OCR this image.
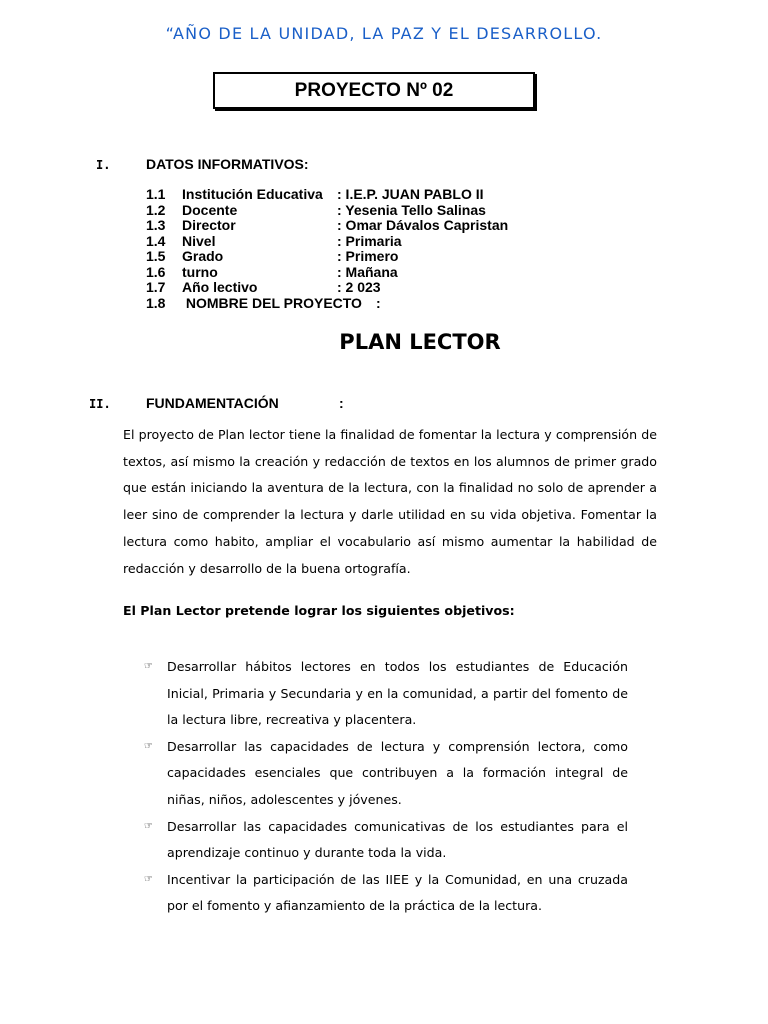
“AÑO DE LA UNIDAD, LA PAZ Y EL DESARROLLO.
PROYECTO Nº 02
I.	DATOS INFORMATIVOS:
1.1	Institución Educativa	: I.E.P. JUAN PABLO II
1.2	Docente	: Yesenia Tello Salinas
1.3	Director	: Omar Dávalos Capristan
1.4	Nivel	: Primaria
1.5	Grado	: Primero
1.6	turno	: Mañana
1.7	Año lectivo	: 2 023
1.8	NOMBRE DEL PROYECTO	:
PLAN LECTOR
II.	FUNDAMENTACIÓN	:

El proyecto de Plan lector tiene la finalidad de fomentar la lectura y comprensión de textos, así mismo la creación y redacción de textos en los alumnos de primer grado que están iniciando la aventura de la lectura, con la finalidad no solo de aprender a leer sino de comprender la lectura y darle utilidad en su vida objetiva. Fomentar la lectura como habito, ampliar el vocabulario así mismo aumentar la habilidad de redacción y desarrollo de la buena ortografía.

El Plan Lector pretende lograr los siguientes objetivos:

☞	Desarrollar hábitos lectores en todos los estudiantes de Educación Inicial, Primaria y Secundaria y en la comunidad, a partir del fomento de la lectura libre, recreativa y placentera.
☞	Desarrollar las capacidades de lectura y comprensión lectora, como capacidades esenciales que contribuyen a la formación integral de niñas, niños, adolescentes y jóvenes.
☞	Desarrollar las capacidades comunicativas de los estudiantes para el aprendizaje continuo y durante toda la vida.
☞	Incentivar la participación de las IIEE y la Comunidad, en una cruzada por el fomento y afianzamiento de la práctica de la lectura.
